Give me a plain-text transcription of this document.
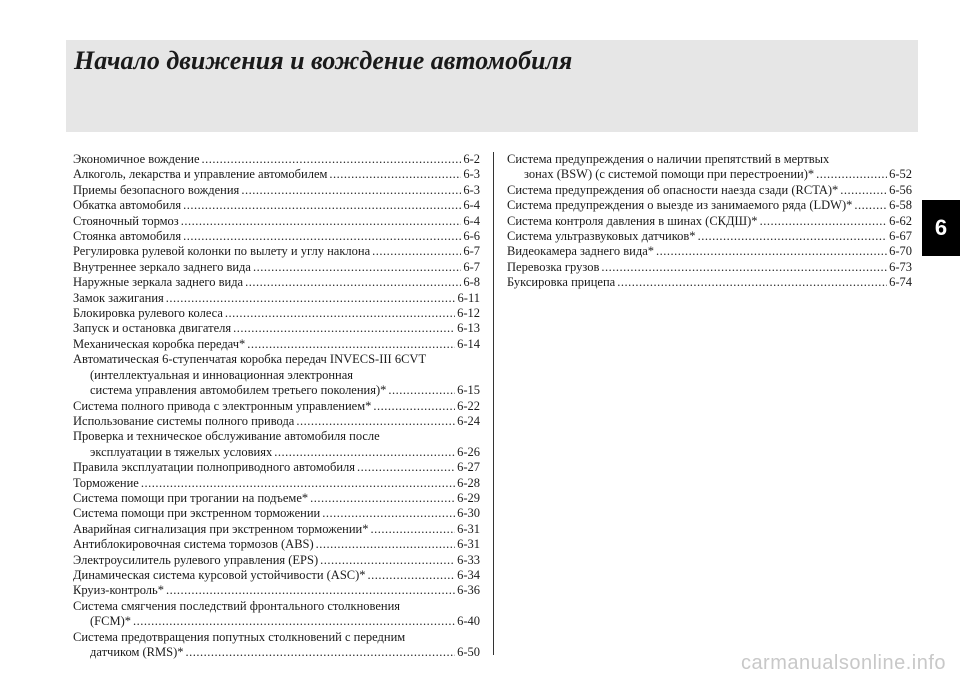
Начало движения и вождение автомобиля
6
Экономичное вождение .....	6-2
Алкоголь, лекарства и управление автомобилем .....	6-3
Приемы безопасного вождения .....	6-3
Обкатка автомобиля .....	6-4
Стояночный тормоз .....	6-4
Стоянка автомобиля .....	6-6
Регулировка рулевой колонки по вылету и углу наклона .....	6-7
Внутреннее зеркало заднего вида .....	6-7
Наружные зеркала заднего вида .....	6-8
Замок зажигания .....	6-11
Блокировка рулевого колеса .....	6-12
Запуск и остановка двигателя .....	6-13
Механическая коробка передач* .....	6-14
Автоматическая 6-ступенчатая коробка передач INVECS-III 6CVT
(интеллектуальная и инновационная электронная
система управления автомобилем третьего поколения)* .....	6-15
Система полного привода с электронным управлением* .....	6-22
Использование системы полного привода .....	6-24
Проверка и техническое обслуживание автомобиля после
эксплуатации в тяжелых условиях .....	6-26
Правила эксплуатации полноприводного автомобиля .....	6-27
Торможение .....	6-28
Система помощи при трогании на подъеме* .....	6-29
Система помощи при экстренном торможении .....	6-30
Аварийная сигнализация при экстренном торможении* .....	6-31
Антиблокировочная система тормозов (ABS) .....	6-31
Электроусилитель рулевого управления (EPS) .....	6-33
Динамическая система курсовой устойчивости (ASC)* .....	6-34
Круиз-контроль* .....	6-36
Система смягчения последствий фронтального столкновения
(FCM)* .....	6-40
Система предотвращения попутных столкновений с передним
датчиком (RMS)* .....	6-50
Система предупреждения о наличии препятствий в мертвых
зонах (BSW) (с системой помощи при перестроении)* .....	6-52
Система предупреждения об опасности наезда сзади (RCTA)* .....	6-56
Система предупреждения о выезде из занимаемого ряда (LDW)* .....	6-58
Система контроля давления в шинах (СКДШ)* .....	6-62
Система ультразвуковых датчиков* .....	6-67
Видеокамера заднего вида* .....	6-70
Перевозка грузов .....	6-73
Буксировка прицепа .....	6-74
carmanualsonline.info
